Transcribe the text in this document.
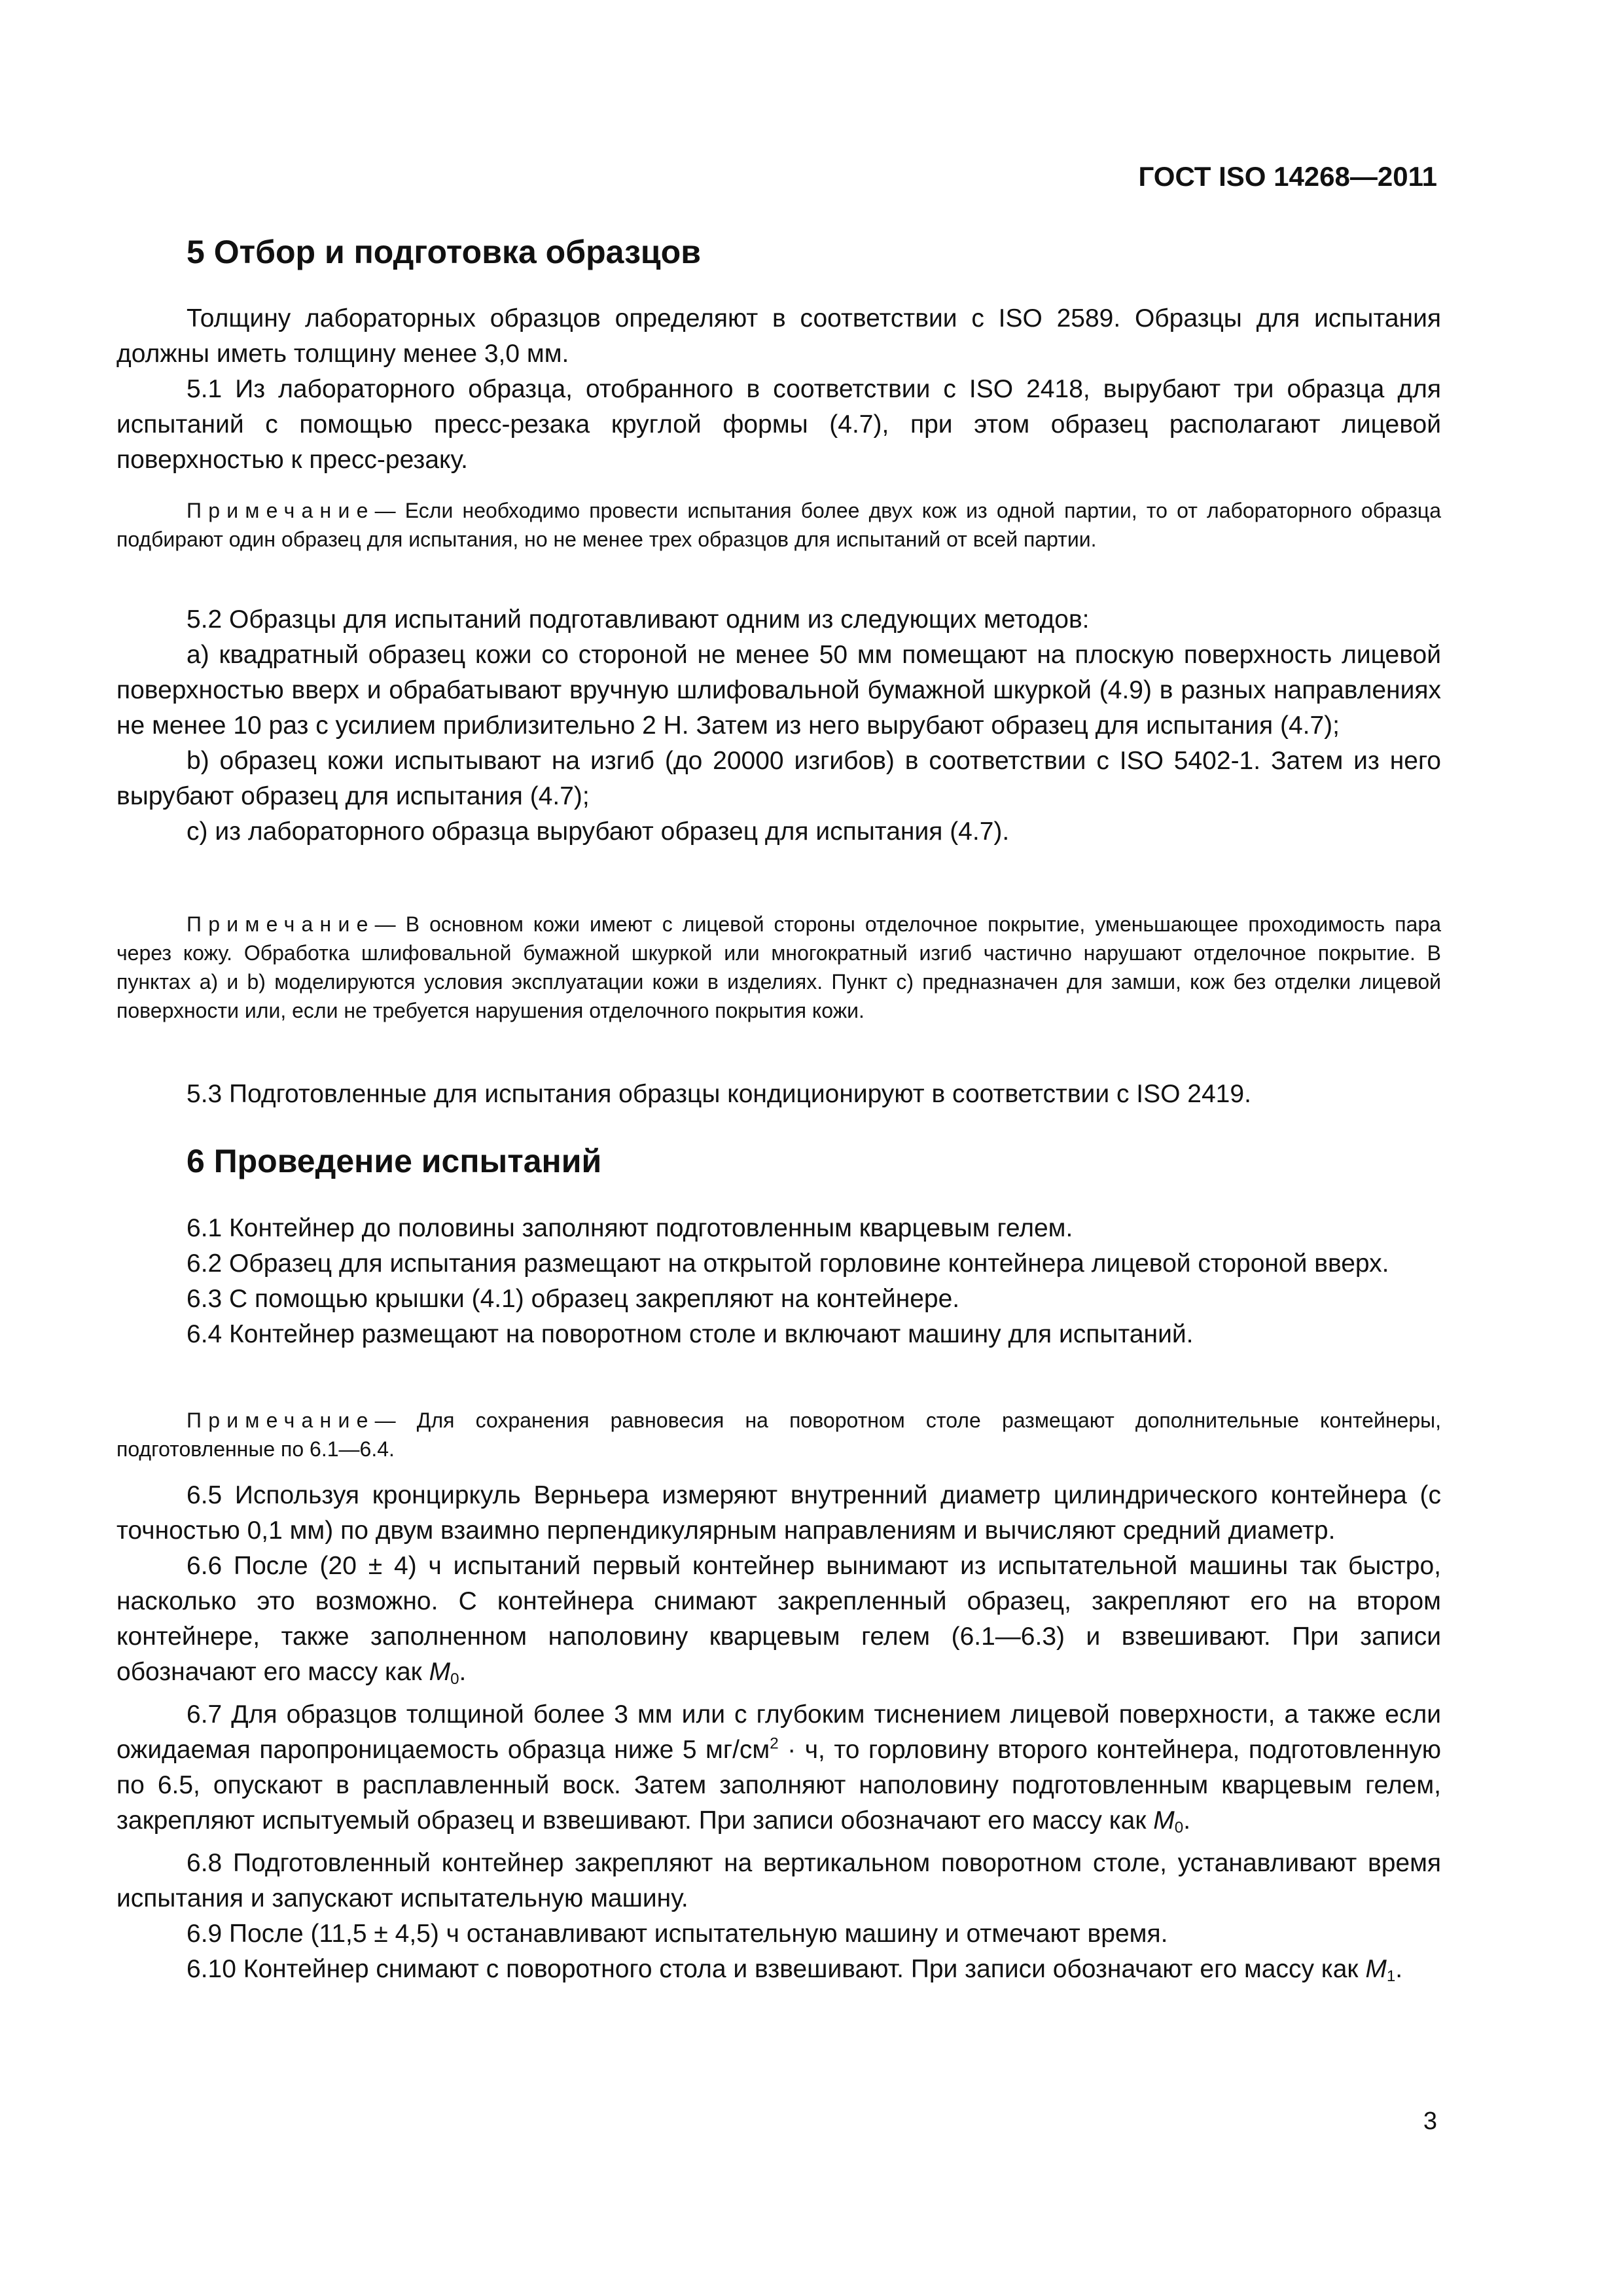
ГОСТ ISO 14268—2011
5 Отбор и подготовка образцов

Толщину лабораторных образцов определяют в соответствии с ISO 2589. Образцы для испытания должны иметь толщину менее 3,0 мм.

5.1 Из лабораторного образца, отобранного в соответствии с ISO 2418, вырубают три образца для испытаний с помощью пресс-резака круглой формы (4.7), при этом образец располагают лицевой поверхностью к пресс-резаку.

Примечание— Если необходимо провести испытания более двух кож из одной партии, то от лабораторного образца подбирают один образец для испытания, но не менее трех образцов для испытаний от всей партии.

5.2 Образцы для испытаний подготавливают одним из следующих методов:

a) квадратный образец кожи со стороной не менее 50 мм помещают на плоскую поверхность лицевой поверхностью вверх и обрабатывают вручную шлифовальной бумажной шкуркой (4.9) в разных направлениях не менее 10 раз с усилием приблизительно 2 Н. Затем из него вырубают образец для испытания (4.7);

b) образец кожи испытывают на изгиб (до 20000 изгибов) в соответствии с ISO 5402-1. Затем из него вырубают образец для испытания (4.7);

c) из лабораторного образца вырубают образец для испытания (4.7).

Примечание— В основном кожи имеют с лицевой стороны отделочное покрытие, уменьшающее проходимость пара через кожу. Обработка шлифовальной бумажной шкуркой или многократный изгиб частично нарушают отделочное покрытие. В пунктах а) и b) моделируются условия эксплуатации кожи в изделиях. Пункт с) предназначен для замши, кож без отделки лицевой поверхности или, если не требуется нарушения отделочного покрытия кожи.

5.3 Подготовленные для испытания образцы кондиционируют в соответствии с ISO 2419.

6 Проведение испытаний

6.1 Контейнер до половины заполняют подготовленным кварцевым гелем.

6.2 Образец для испытания размещают на открытой горловине контейнера лицевой стороной вверх.

6.3 С помощью крышки (4.1) образец закрепляют на контейнере.

6.4 Контейнер размещают на поворотном столе и включают машину для испытаний.

Примечание— Для сохранения равновесия на поворотном столе размещают дополнительные контейнеры, подготовленные по 6.1—6.4.

6.5 Используя кронциркуль Верньера измеряют внутренний диаметр цилиндрического контейнера (с точностью 0,1 мм) по двум взаимно перпендикулярным направлениям и вычисляют средний диаметр.

6.6 После (20 ± 4) ч испытаний первый контейнер вынимают из испытательной машины так быстро, насколько это возможно. С контейнера снимают закрепленный образец, закрепляют его на втором контейнере, также заполненном наполовину кварцевым гелем (6.1—6.3) и взвешивают. При записи обозначают его массу как $M_0$.

6.7 Для образцов толщиной более 3 мм или с глубоким тиснением лицевой поверхности, а также если ожидаемая паропроницаемость образца ниже 5 $мг/см^2 \cdot ч$, то горловину второго контейнера, подготовленную по 6.5, опускают в расплавленный воск. Затем заполняют наполовину подготовленным кварцевым гелем, закрепляют испытуемый образец и взвешивают. При записи обозначают его массу как $M_0$.

6.8 Подготовленный контейнер закрепляют на вертикальном поворотном столе, устанавливают время испытания и запускают испытательную машину.

6.9 После (11,5 ± 4,5) ч останавливают испытательную машину и отмечают время.

6.10 Контейнер снимают с поворотного стола и взвешивают. При записи обозначают его массу как $M_1$.

3
